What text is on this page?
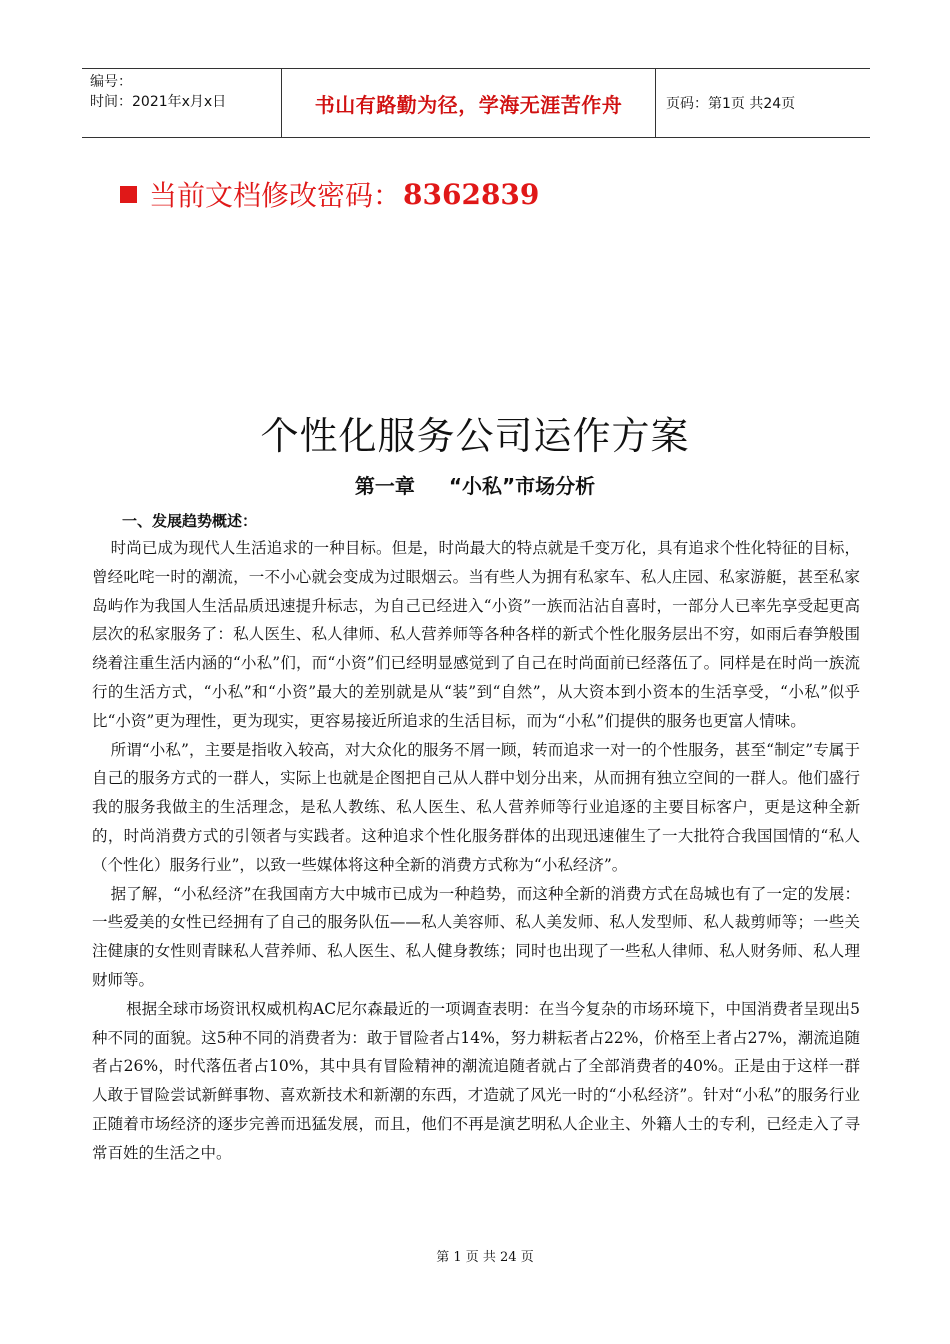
编号：
时间：2021年x月x日	书山有路勤为径，学海无涯苦作舟	页码：第1页 共24页
当前文档修改密码： 8362839
个性化服务公司运作方案
第一章 “小私”市场分析
一、发展趋势概述：

时尚已成为现代人生活追求的一种目标。但是，时尚最大的特点就是千变万化，具有追求个性化特征的目标，曾经叱咤一时的潮流，一不小心就会变成为过眼烟云。当有些人为拥有私家车、私人庄园、私家游艇，甚至私家岛屿作为我国人生活品质迅速提升标志，为自己已经进入“小资”一族而沾沾自喜时，一部分人已率先享受起更高层次的私家服务了：私人医生、私人律师、私人营养师等各种各样的新式个性化服务层出不穷，如雨后春笋般围绕着注重生活内涵的“小私”们，而“小资”们已经明显感觉到了自己在时尚面前已经落伍了。同样是在时尚一族流行的生活方式，“小私”和“小资”最大的差别就是从“装”到“自然”，从大资本到小资本的生活享受，“小私”似乎比“小资”更为理性，更为现实，更容易接近所追求的生活目标，而为“小私”们提供的服务也更富人情味。

所谓“小私”，主要是指收入较高，对大众化的服务不屑一顾，转而追求一对一的个性服务，甚至“制定”专属于自己的服务方式的一群人，实际上也就是企图把自己从人群中划分出来，从而拥有独立空间的一群人。他们盛行我的服务我做主的生活理念，是私人教练、私人医生、私人营养师等行业追逐的主要目标客户，更是这种全新的，时尚消费方式的引领者与实践者。这种追求个性化服务群体的出现迅速催生了一大批符合我国国情的“私人（个性化）服务行业”，以致一些媒体将这种全新的消费方式称为“小私经济”。

据了解，“小私经济”在我国南方大中城市已成为一种趋势，而这种全新的消费方式在岛城也有了一定的发展：一些爱美的女性已经拥有了自己的服务队伍——私人美容师、私人美发师、私人发型师、私人裁剪师等；一些关注健康的女性则青睐私人营养师、私人医生、私人健身教练；同时也出现了一些私人律师、私人财务师、私人理财师等。

根据全球市场资讯权威机构AC尼尔森最近的一项调查表明：在当今复杂的市场环境下，中国消费者呈现出5种不同的面貌。这5种不同的消费者为：敢于冒险者占14%，努力耕耘者占22%，价格至上者占27%，潮流追随者占26%，时代落伍者占10%，其中具有冒险精神的潮流追随者就占了全部消费者的40%。正是由于这样一群人敢于冒险尝试新鲜事物、喜欢新技术和新潮的东西，才造就了风光一时的“小私经济”。针对“小私”的服务行业正随着市场经济的逐步完善而迅猛发展，而且，他们不再是演艺明私人企业主、外籍人士的专利，已经走入了寻常百姓的生活之中。

第 1 页 共 24 页
